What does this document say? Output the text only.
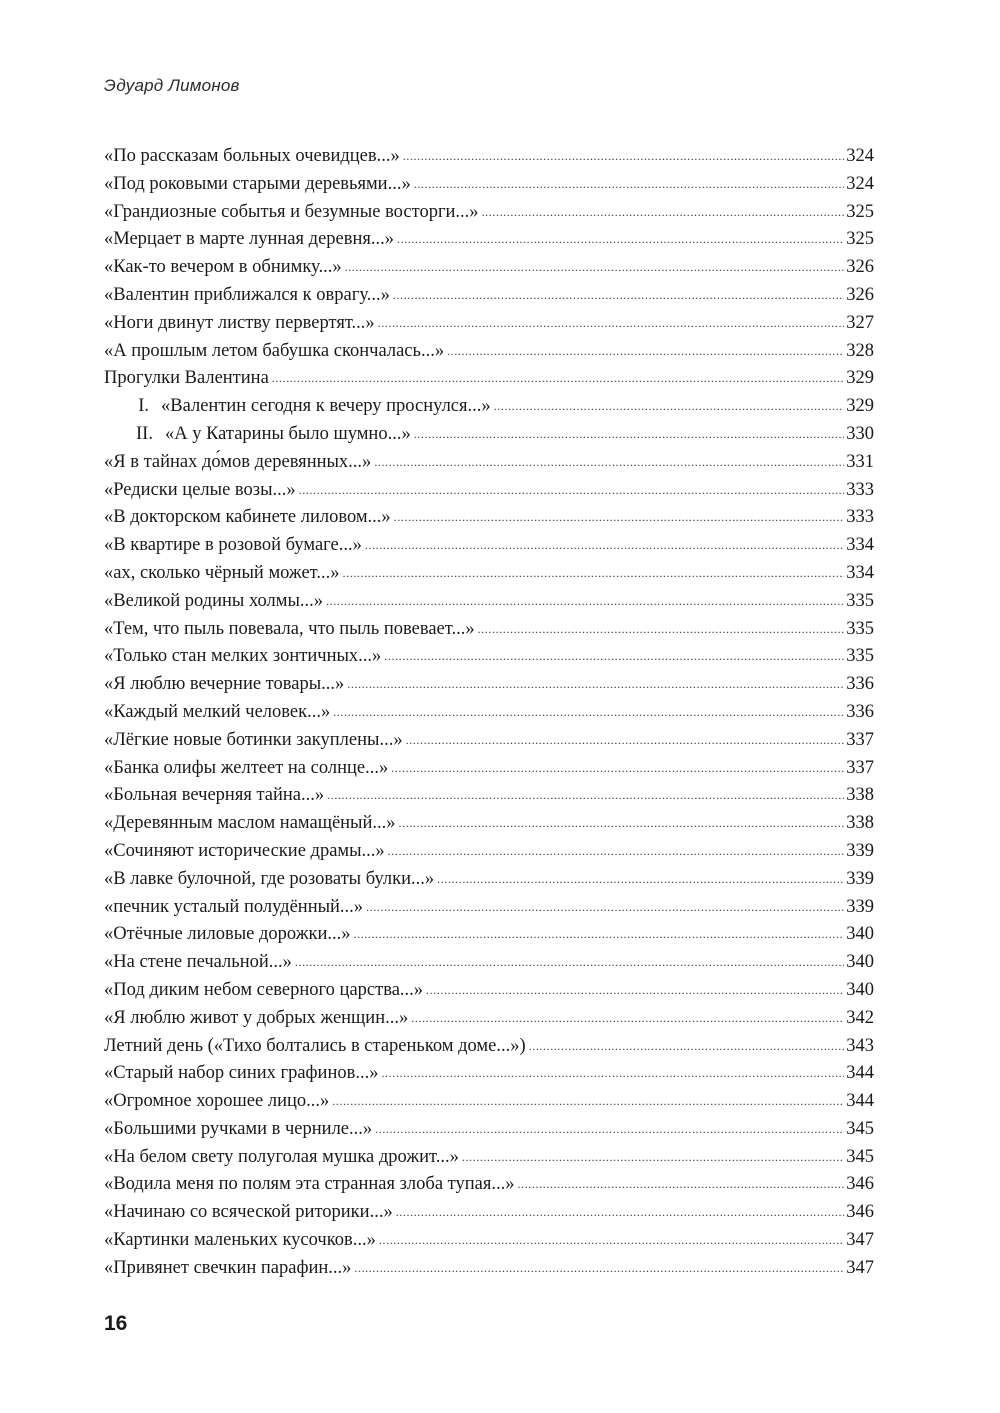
Эдуард Лимонов
«По рассказам больных очевидцев...» . . .	324
«Под роковыми старыми деревьями...» . . .	324
«Грандиозные событья и безумные восторги...» . . .	325
«Мерцает в марте лунная деревня...» . . .	325
«Как-то вечером в обнимку...» . . .	326
«Валентин приближался к оврагу...» . . .	326
«Ноги двинут листву первертят...» . . .	327
«А прошлым летом бабушка скончалась...» . . .	328
Прогулки Валентина . . .	329
I. «Валентин сегодня к вечеру проснулся...» . . .	329
II. «А у Катарины было шумно...» . . .	330
«Я в тайнах до́мов деревянных...» . . .	331
«Редиски целые возы...» . . .	333
«В докторском кабинете лиловом...» . . .	333
«В квартире в розовой бумаге...» . . .	334
«ах, сколько чёрный может...» . . .	334
«Великой родины холмы...» . . .	335
«Тем, что пыль повевала, что пыль повевает...» . . .	335
«Только стан мелких зонтичных...» . . .	335
«Я люблю вечерние товары...» . . .	336
«Каждый мелкий человек...» . . .	336
«Лёгкие новые ботинки закуплены...» . . .	337
«Банка олифы желтеет на солнце...» . . .	337
«Больная вечерняя тайна...» . . .	338
«Деревянным маслом намащёный...» . . .	338
«Сочиняют исторические драмы...» . . .	339
«В лавке булочной, где розоваты булки...» . . .	339
«печник усталый полудённый...» . . .	339
«Отёчные лиловые дорожки...» . . .	340
«На стене печальной...» . . .	340
«Под диким небом северного царства...» . . .	340
«Я люблю живот у добрых женщин...» . . .	342
Летний день («Тихо болтались в стареньком доме...») . . .	343
«Старый набор синих графинов...» . . .	344
«Огромное хорошее лицо...» . . .	344
«Большими ручками в черниле...» . . .	345
«На белом свету полуголая мушка дрожит...» . . .	345
«Водила меня по полям эта странная злоба тупая...» . . .	346
«Начинаю со всяческой риторики...» . . .	346
«Картинки маленьких кусочков...» . . .	347
«Привянет свечкин парафин...» . . .	347
16
